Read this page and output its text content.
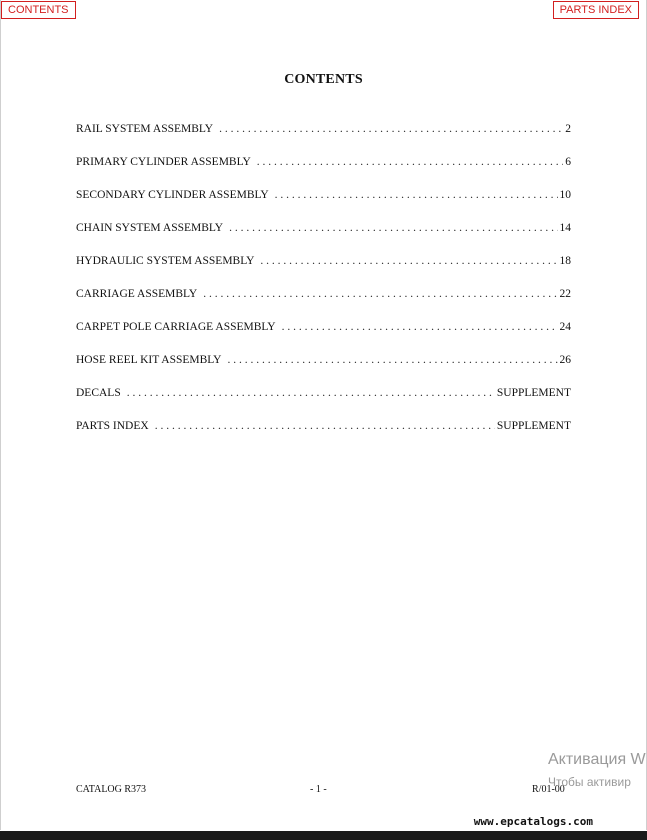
CONTENTS	PARTS INDEX
CONTENTS
RAIL SYSTEM ASSEMBLY . . .	2
PRIMARY CYLINDER ASSEMBLY . . .	6
SECONDARY CYLINDER ASSEMBLY . . .	10
CHAIN SYSTEM ASSEMBLY . . .	14
HYDRAULIC SYSTEM ASSEMBLY . . .	18
CARRIAGE ASSEMBLY . . .	22
CARPET POLE CARRIAGE ASSEMBLY . . .	24
HOSE REEL KIT ASSEMBLY . . .	26
DECALS . . .	SUPPLEMENT
PARTS INDEX . . .	SUPPLEMENT
CATALOG R373	- 1 -	R/01-00
Активация W
Чтобы активир
www.epcatalogs.com
